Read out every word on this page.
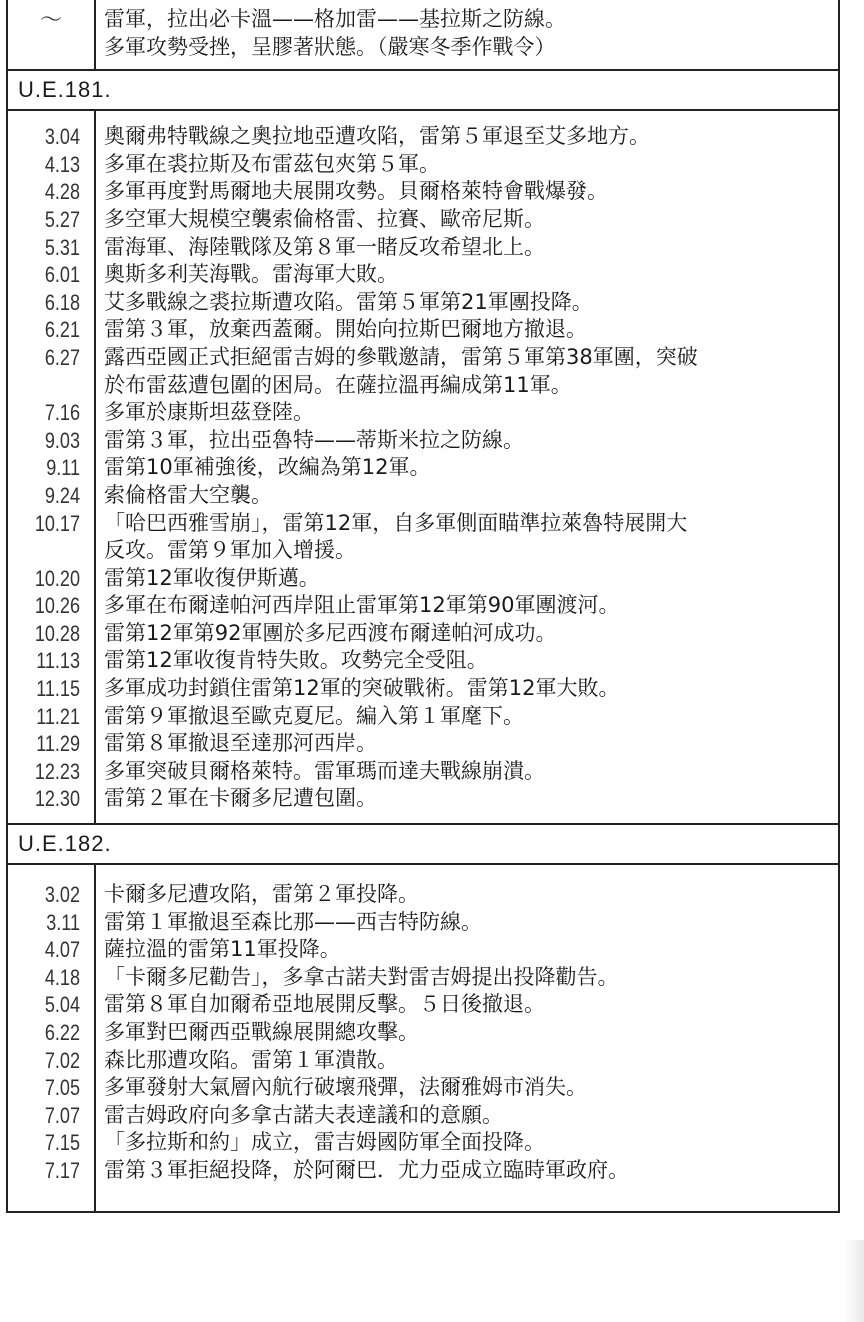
～	雷軍，拉出必卡溫——格加雷——基拉斯之防線。
多軍攻勢受挫，呈膠著狀態。（嚴寒冬季作戰令）
U.E.181.
3.04
4.13
4.28
5.27
5.31
6.01
6.18
6.21
6.27
7.16
9.03
9.11
9.24
10.17
10.20
10.26
10.28
11.13
11.15
11.21
11.29
12.23
12.30
奧爾弗特戰線之奧拉地亞遭攻陷，雷第５軍退至艾多地方。
多軍在裘拉斯及布雷茲包夾第５軍。
多軍再度對馬爾地夫展開攻勢。貝爾格萊特會戰爆發。
多空軍大規模空襲索倫格雷、拉賽、歐帝尼斯。
雷海軍、海陸戰隊及第８軍一睹反攻希望北上。
奧斯多利芙海戰。雷海軍大敗。
艾多戰線之裘拉斯遭攻陷。雷第５軍第21軍團投降。
雷第３軍，放棄西蓋爾。開始向拉斯巴爾地方撤退。
露西亞國正式拒絕雷吉姆的參戰邀請，雷第５軍第38軍團，突破
於布雷茲遭包圍的困局。在薩拉溫再編成第11軍。
多軍於康斯坦茲登陸。
雷第３軍，拉出亞魯特——蒂斯米拉之防線。
雷第10軍補強後，改編為第12軍。
索倫格雷大空襲。
「哈巴西雅雪崩」，雷第12軍，自多軍側面瞄準拉萊魯特展開大
反攻。雷第９軍加入增援。
雷第12軍收復伊斯邁。
多軍在布爾達帕河西岸阻止雷軍第12軍第90軍團渡河。
雷第12軍第92軍團於多尼西渡布爾達帕河成功。
雷第12軍收復肯特失敗。攻勢完全受阻。
多軍成功封鎖住雷第12軍的突破戰術。雷第12軍大敗。
雷第９軍撤退至歐克夏尼。編入第１軍麾下。
雷第８軍撤退至達那河西岸。
多軍突破貝爾格萊特。雷軍瑪而達夫戰線崩潰。
雷第２軍在卡爾多尼遭包圍。
U.E.182.
3.02
3.11
4.07
4.18
5.04
6.22
7.02
7.05
7.07
7.15
7.17
卡爾多尼遭攻陷，雷第２軍投降。
雷第１軍撤退至森比那——西吉特防線。
薩拉溫的雷第11軍投降。
「卡爾多尼勸告」，多拿古諾夫對雷吉姆提出投降勸告。
雷第８軍自加爾希亞地展開反擊。５日後撤退。
多軍對巴爾西亞戰線展開總攻擊。
森比那遭攻陷。雷第１軍潰散。
多軍發射大氣層內航行破壞飛彈，法爾雅姆市消失。
雷吉姆政府向多拿古諾夫表達議和的意願。
「多拉斯和約」成立，雷吉姆國防軍全面投降。
雷第３軍拒絕投降，於阿爾巴．尤力亞成立臨時軍政府。
